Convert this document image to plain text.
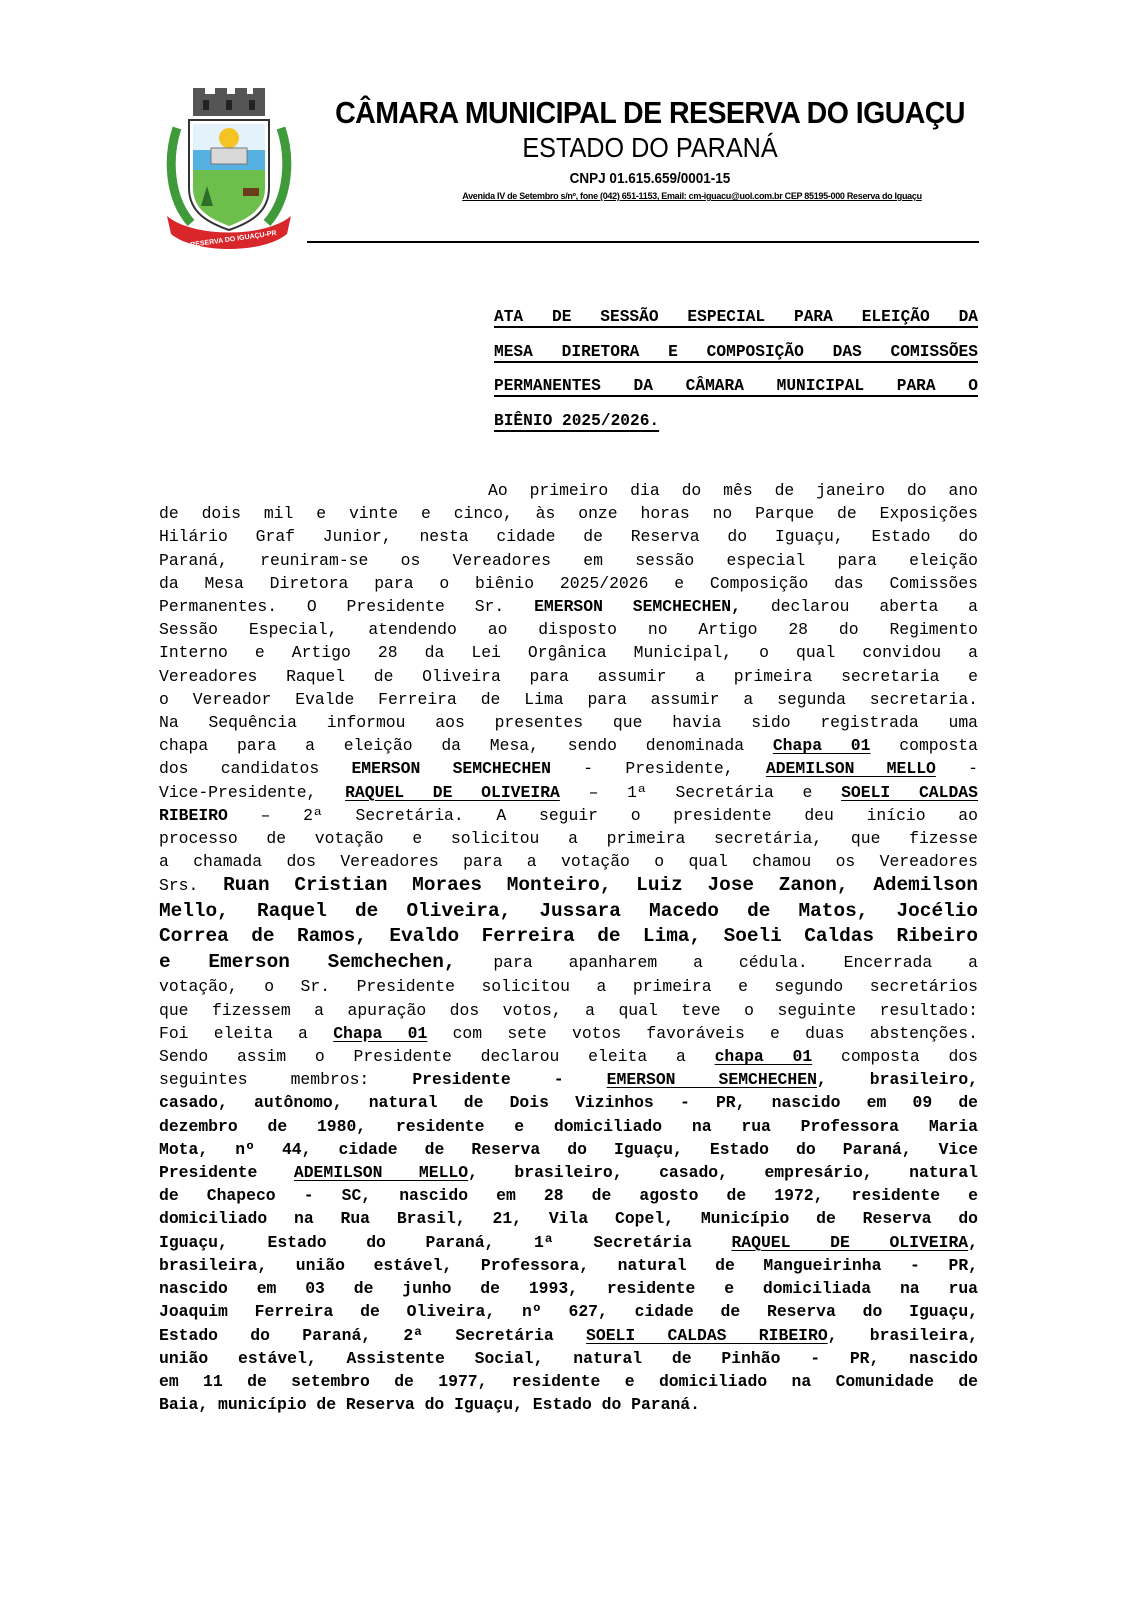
RESERVA DO IGUAÇU-PR
CÂMARA MUNICIPAL DE RESERVA DO IGUAÇU
ESTADO DO PARANÁ
CNPJ 01.615.659/0001-15
Avenida IV de Setembro s/nº, fone (042) 651-1153, Email: cm-iguacu@uol.com.br CEP 85195-000 Reserva do Iguaçu
ATA DE SESSÃO ESPECIAL PARA ELEIÇÃO DA
MESA DIRETORA E COMPOSIÇÃO DAS COMISSÕES
PERMANENTES DA CÂMARA MUNICIPAL PARA O
BIÊNIO 2025/2026.
Ao primeiro dia do mês de janeiro do ano
de dois mil e vinte e cinco, às onze horas no Parque de Exposições
Hilário Graf Junior, nesta cidade de Reserva do Iguaçu, Estado do
Paraná, reuniram-se os Vereadores em sessão especial para eleição
da Mesa Diretora para o biênio 2025/2026 e Composição das Comissões
Permanentes. O Presidente Sr. EMERSON SEMCHECHEN, declarou aberta a
Sessão Especial, atendendo ao disposto no Artigo 28 do Regimento
Interno e Artigo 28 da Lei Orgânica Municipal, o qual convidou a
Vereadores Raquel de Oliveira para assumir a primeira secretaria e
o Vereador Evalde Ferreira de Lima para assumir a segunda secretaria.
Na Sequência informou aos presentes que havia sido registrada uma
chapa para a eleição da Mesa, sendo denominada Chapa 01 composta
dos candidatos EMERSON SEMCHECHEN - Presidente, ADEMILSON MELLO -
Vice-Presidente, RAQUEL DE OLIVEIRA – 1ª Secretária e SOELI CALDAS
RIBEIRO – 2ª Secretária. A seguir o presidente deu início ao
processo de votação e solicitou a primeira secretária, que fizesse
a chamada dos Vereadores para a votação o qual chamou os Vereadores
Srs. Ruan Cristian Moraes Monteiro, Luiz Jose Zanon, Ademilson
Mello, Raquel de Oliveira, Jussara Macedo de Matos, Jocélio
Correa de Ramos, Evaldo Ferreira de Lima, Soeli Caldas Ribeiro
e Emerson Semchechen, para apanharem a cédula. Encerrada a
votação, o Sr. Presidente solicitou a primeira e segundo secretários
que fizessem a apuração dos votos, a qual teve o seguinte resultado:
Foi eleita a Chapa 01 com sete votos favoráveis e duas abstenções.
Sendo assim o Presidente declarou eleita a chapa 01 composta dos
seguintes membros:	Presidente -	EMERSON SEMCHECHEN, brasileiro,
casado, autônomo, natural de Dois Vizinhos - PR, nascido em 09 de
dezembro de 1980, residente e domiciliado na rua Professora Maria
Mota, nº 44, cidade de Reserva do Iguaçu, Estado do Paraná, Vice
Presidente ADEMILSON MELLO, brasileiro, casado, empresário, natural
de Chapeco - SC, nascido em 28 de agosto de 1972, residente e
domiciliado na Rua Brasil, 21, Vila Copel, Município de Reserva do
Iguaçu, Estado do Paraná, 1ª Secretária RAQUEL DE OLIVEIRA,
brasileira, união estável, Professora, natural de Mangueirinha - PR,
nascido em 03 de junho de 1993, residente e domiciliada na rua
Joaquim Ferreira de Oliveira, nº 627, cidade de Reserva do Iguaçu,
Estado do Paraná, 2ª Secretária SOELI CALDAS RIBEIRO, brasileira,
união estável, Assistente Social, natural de Pinhão - PR, nascido
em 11 de setembro de 1977, residente e domiciliado na Comunidade de
Baia, município de Reserva do Iguaçu, Estado do Paraná.
